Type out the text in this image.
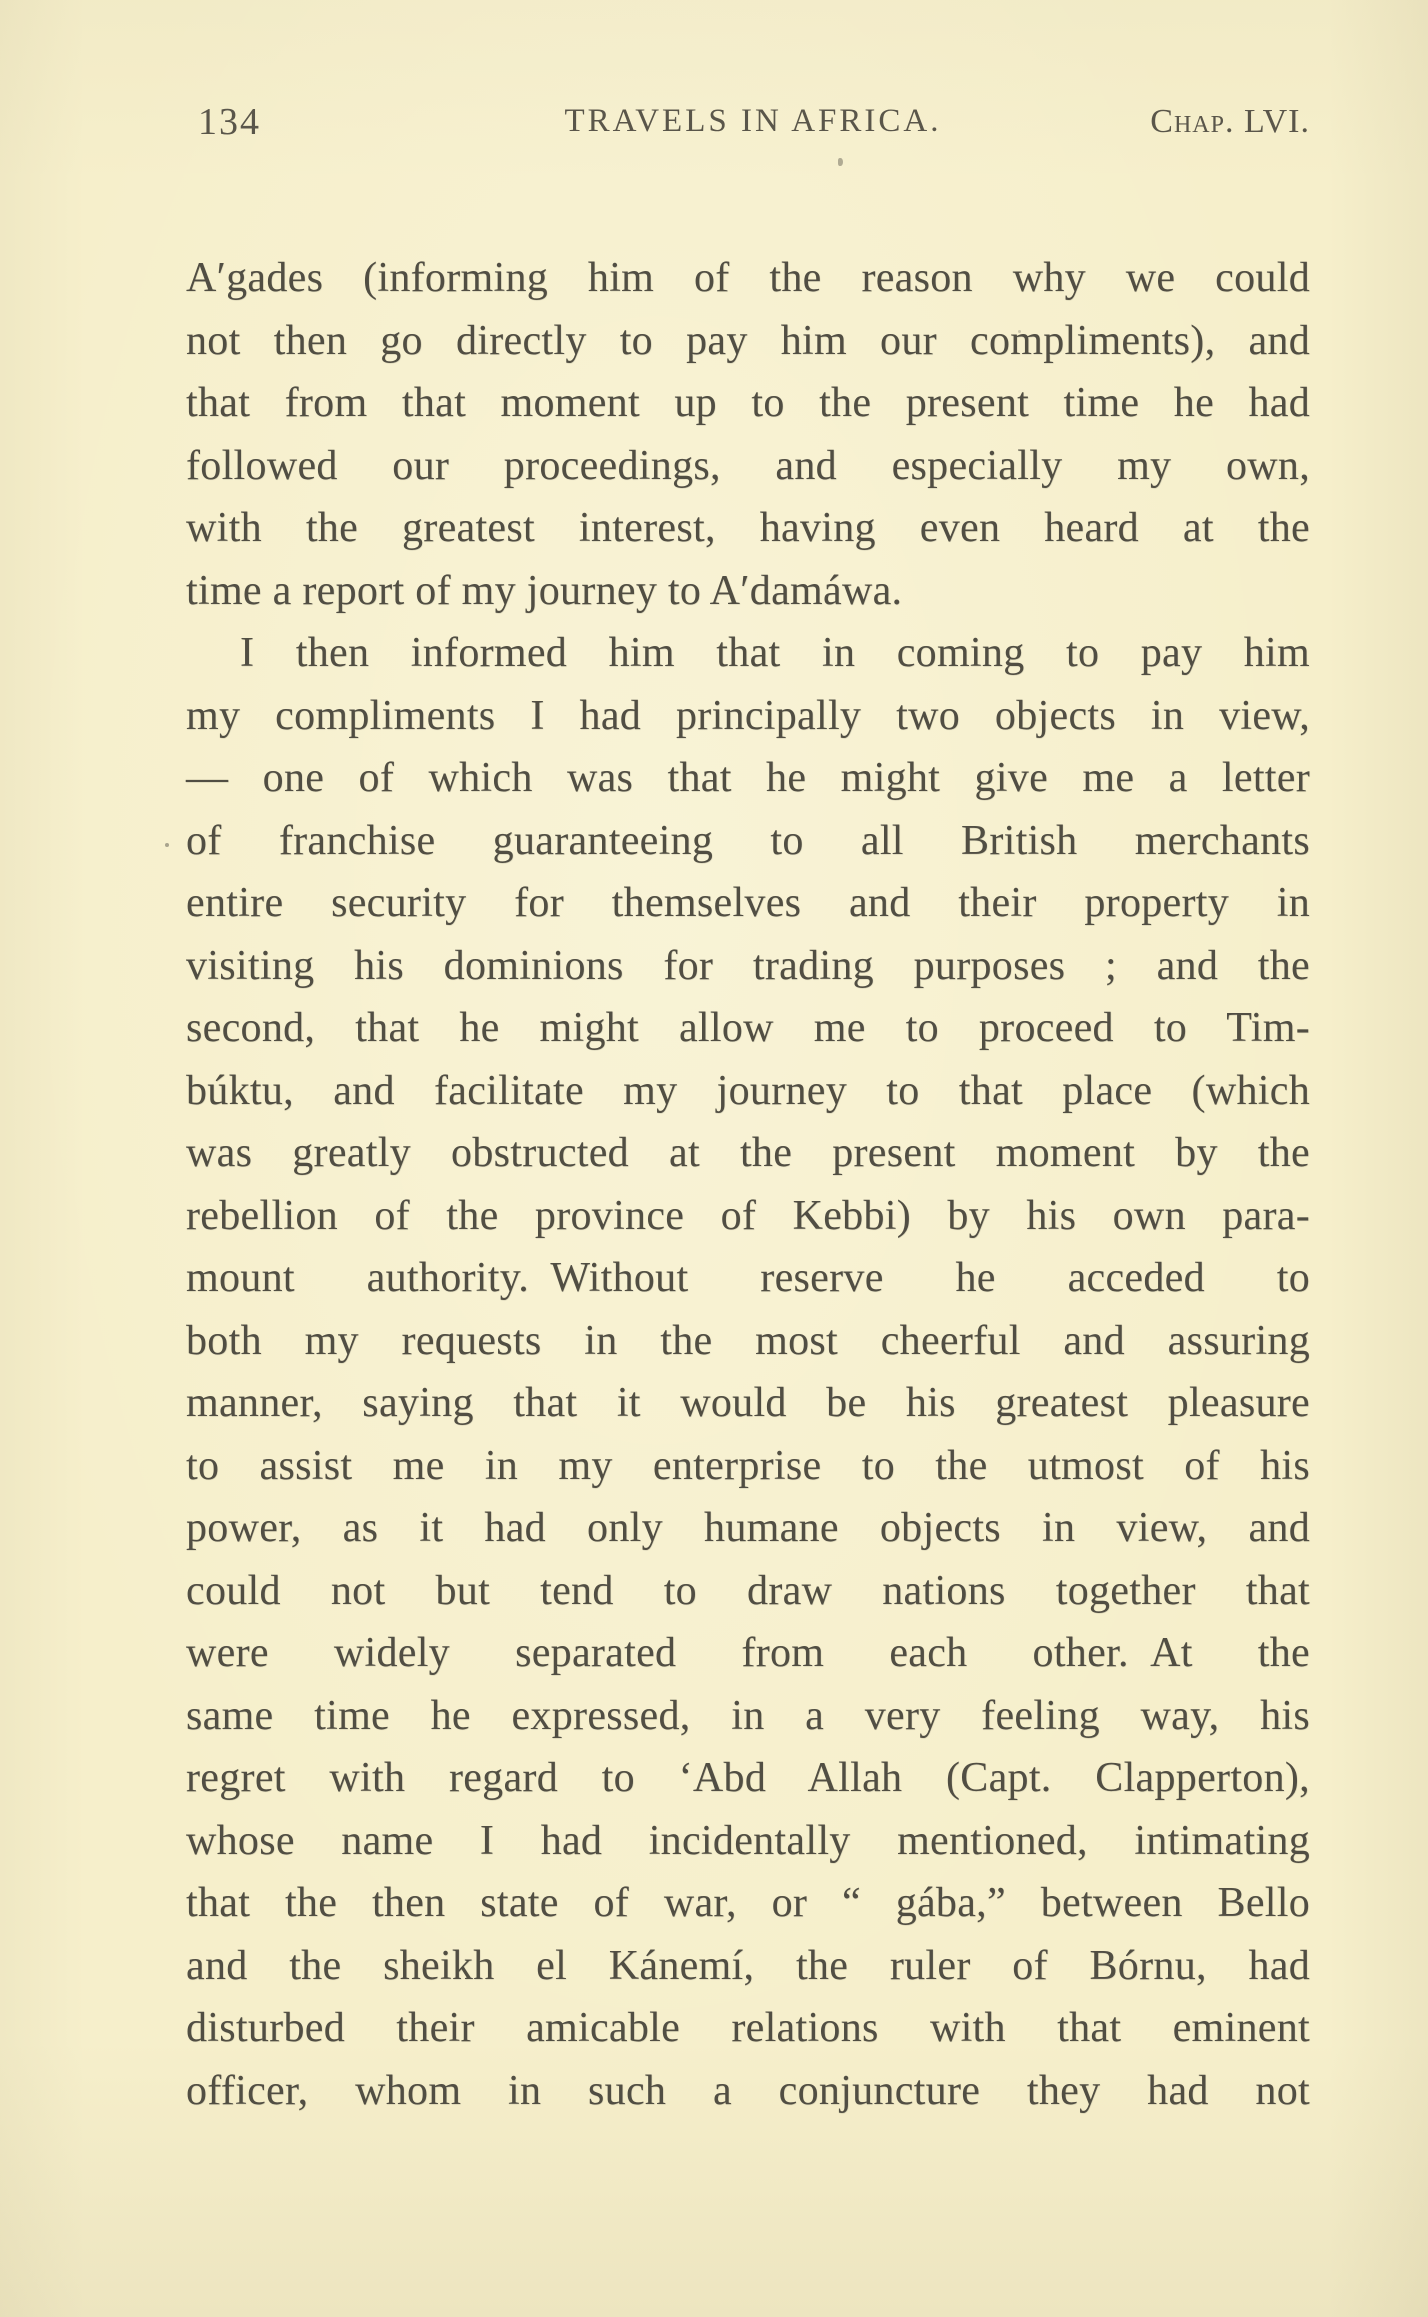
134	TRAVELS IN AFRICA.	Chap. LVI.
A′gades (informing him of the reason why we could
not then go directly to pay him our compliments), and
that from that moment up to the present time he had
followed our proceedings, and especially my own,
with the greatest interest, having even heard at the
time a report of my journey to A′damáwa.
I then informed him that in coming to pay him
my compliments I had principally two objects in view,
— one of which was that he might give me a letter
of franchise guaranteeing to all British merchants
entire security for themselves and their property in
visiting his dominions for trading purposes ; and the
second, that he might allow me to proceed to Tim-
búktu, and facilitate my journey to that place (which
was greatly obstructed at the present moment by the
rebellion of the province of Kebbi) by his own para-
mount authority. Without reserve he acceded to
both my requests in the most cheerful and assuring
manner, saying that it would be his greatest pleasure
to assist me in my enterprise to the utmost of his
power, as it had only humane objects in view, and
could not but tend to draw nations together that
were widely separated from each other. At the
same time he expressed, in a very feeling way, his
regret with regard to ʻAbd Allah (Capt. Clapperton),
whose name I had incidentally mentioned, intimating
that the then state of war, or “ gába,” between Bello
and the sheikh el Kánemí, the ruler of Bórnu, had
disturbed their amicable relations with that eminent
officer, whom in such a conjuncture they had not
